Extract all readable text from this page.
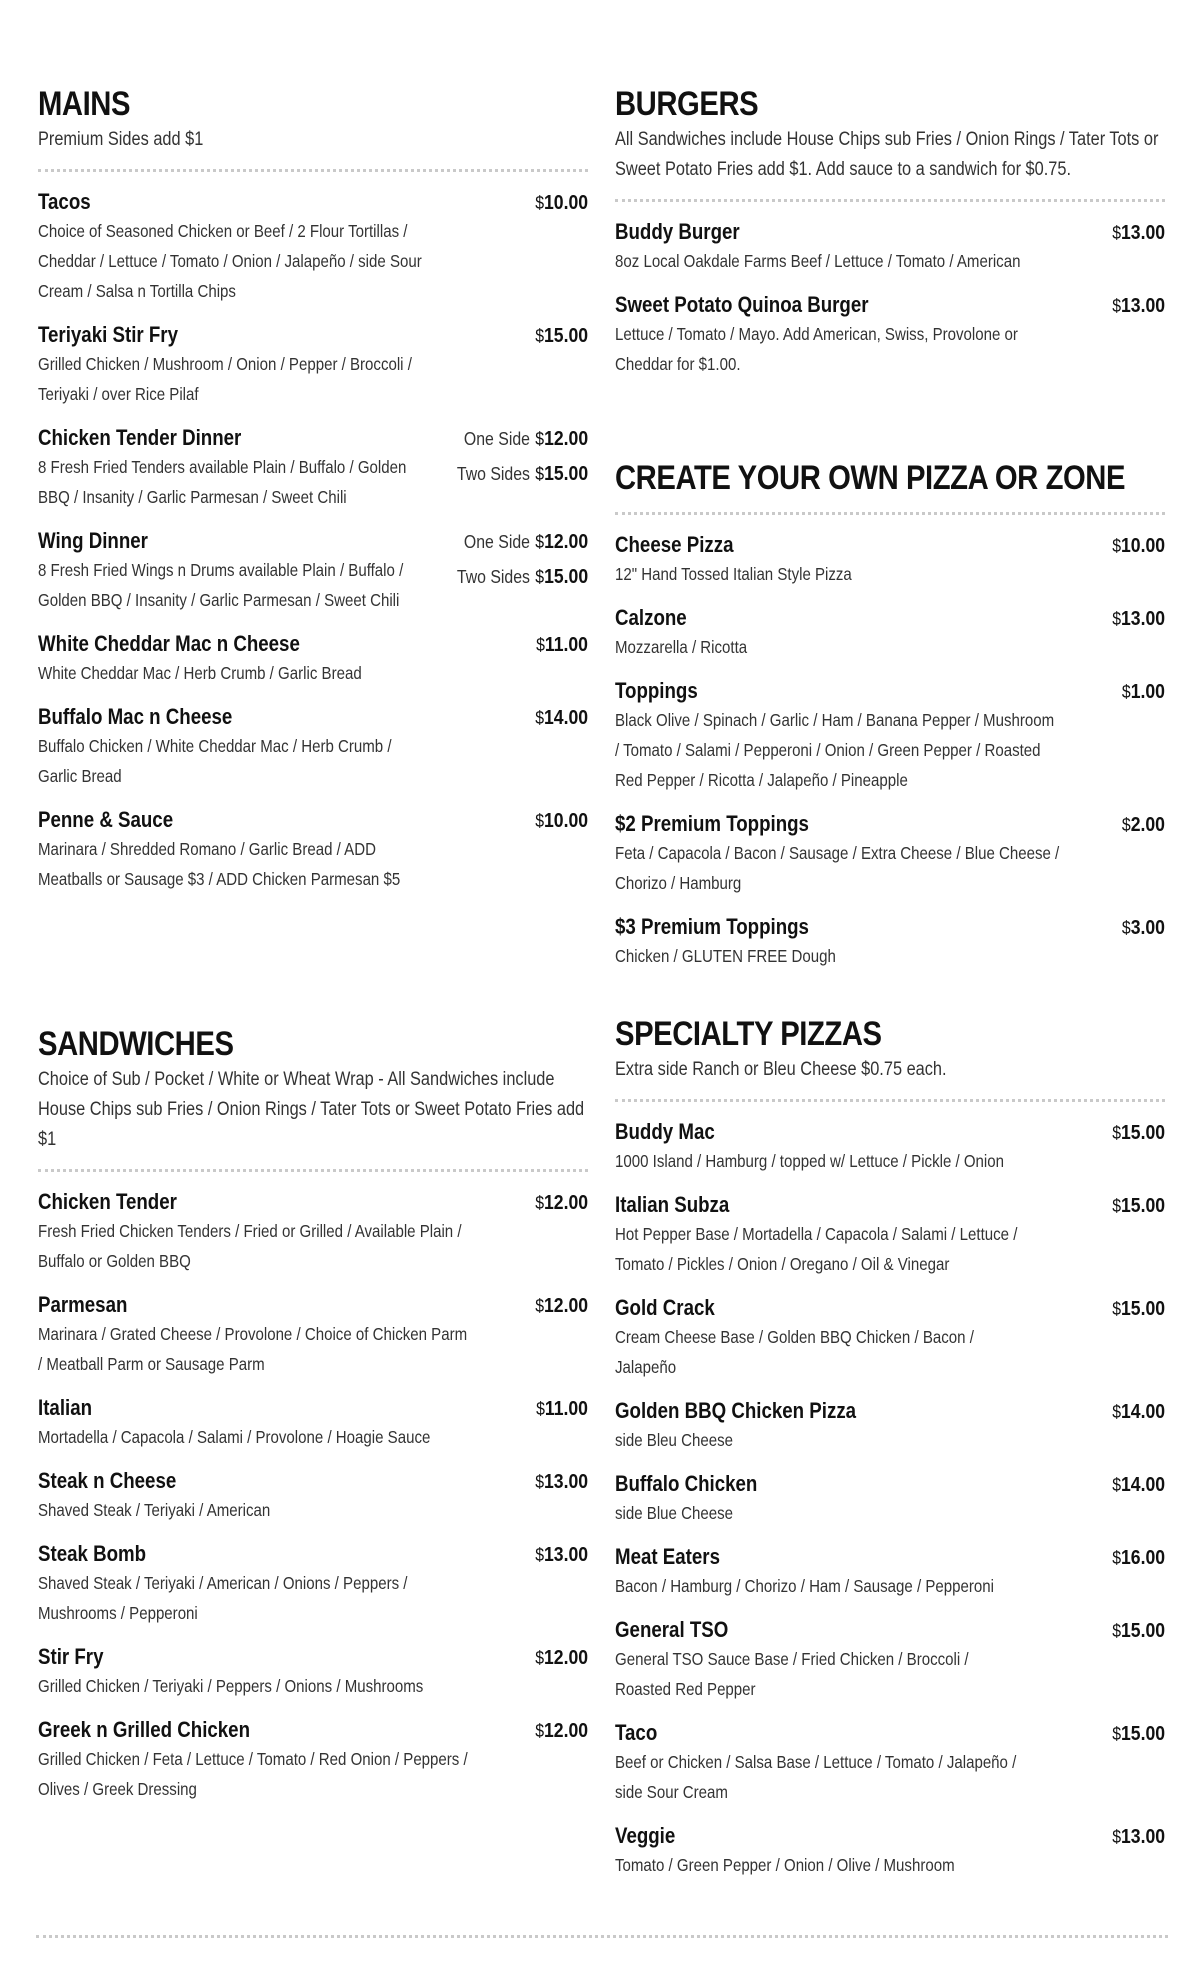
MAINS
Premium Sides add $1
Tacos	$10.00
Choice of Seasoned Chicken or Beef / 2 Flour Tortillas / Cheddar / Lettuce / Tomato / Onion / Jalapeño / side Sour Cream / Salsa n Tortilla Chips
Teriyaki Stir Fry	$15.00
Grilled Chicken / Mushroom / Onion / Pepper / Broccoli / Teriyaki / over Rice Pilaf
Chicken Tender Dinner	One Side $12.00
Two Sides $15.00
8 Fresh Fried Tenders available Plain / Buffalo / Golden BBQ / Insanity / Garlic Parmesan / Sweet Chili
Wing Dinner	One Side $12.00
Two Sides $15.00
8 Fresh Fried Wings n Drums available Plain / Buffalo / Golden BBQ / Insanity / Garlic Parmesan / Sweet Chili
White Cheddar Mac n Cheese	$11.00
White Cheddar Mac / Herb Crumb / Garlic Bread
Buffalo Mac n Cheese	$14.00
Buffalo Chicken / White Cheddar Mac / Herb Crumb / Garlic Bread
Penne & Sauce	$10.00
Marinara / Shredded Romano / Garlic Bread / ADD Meatballs or Sausage $3 / ADD Chicken Parmesan $5
SANDWICHES
Choice of Sub / Pocket / White or Wheat Wrap - All Sandwiches include House Chips sub Fries / Onion Rings / Tater Tots or Sweet Potato Fries add $1
Chicken Tender	$12.00
Fresh Fried Chicken Tenders / Fried or Grilled / Available Plain / Buffalo or Golden BBQ
Parmesan	$12.00
Marinara / Grated Cheese / Provolone / Choice of Chicken Parm / Meatball Parm or Sausage Parm
Italian	$11.00
Mortadella / Capacola / Salami / Provolone / Hoagie Sauce
Steak n Cheese	$13.00
Shaved Steak / Teriyaki / American
Steak Bomb	$13.00
Shaved Steak / Teriyaki / American / Onions / Peppers / Mushrooms / Pepperoni
Stir Fry	$12.00
Grilled Chicken / Teriyaki / Peppers / Onions / Mushrooms
Greek n Grilled Chicken	$12.00
Grilled Chicken / Feta / Lettuce / Tomato / Red Onion / Peppers / Olives / Greek Dressing
BURGERS
All Sandwiches include House Chips sub Fries / Onion Rings / Tater Tots or Sweet Potato Fries add $1. Add sauce to a sandwich for $0.75.
Buddy Burger	$13.00
8oz Local Oakdale Farms Beef / Lettuce / Tomato / American
Sweet Potato Quinoa Burger	$13.00
Lettuce / Tomato / Mayo. Add American, Swiss, Provolone or Cheddar for $1.00.
CREATE YOUR OWN PIZZA OR ZONE
Cheese Pizza	$10.00
12" Hand Tossed Italian Style Pizza
Calzone	$13.00
Mozzarella / Ricotta
Toppings	$1.00
Black Olive / Spinach / Garlic / Ham / Banana Pepper / Mushroom / Tomato / Salami / Pepperoni / Onion / Green Pepper / Roasted Red Pepper / Ricotta / Jalapeño / Pineapple
$2 Premium Toppings	$2.00
Feta / Capacola / Bacon / Sausage / Extra Cheese / Blue Cheese / Chorizo / Hamburg
$3 Premium Toppings	$3.00
Chicken / GLUTEN FREE Dough
SPECIALTY PIZZAS
Extra side Ranch or Bleu Cheese $0.75 each.
Buddy Mac	$15.00
1000 Island / Hamburg / topped w/ Lettuce / Pickle / Onion
Italian Subza	$15.00
Hot Pepper Base / Mortadella / Capacola / Salami / Lettuce / Tomato / Pickles / Onion / Oregano / Oil & Vinegar
Gold Crack	$15.00
Cream Cheese Base / Golden BBQ Chicken / Bacon / Jalapeño
Golden BBQ Chicken Pizza	$14.00
side Bleu Cheese
Buffalo Chicken	$14.00
side Blue Cheese
Meat Eaters	$16.00
Bacon / Hamburg / Chorizo / Ham / Sausage / Pepperoni
General TSO	$15.00
General TSO Sauce Base / Fried Chicken / Broccoli / Roasted Red Pepper
Taco	$15.00
Beef or Chicken / Salsa Base / Lettuce / Tomato / Jalapeño / side Sour Cream
Veggie	$13.00
Tomato / Green Pepper / Onion / Olive / Mushroom
